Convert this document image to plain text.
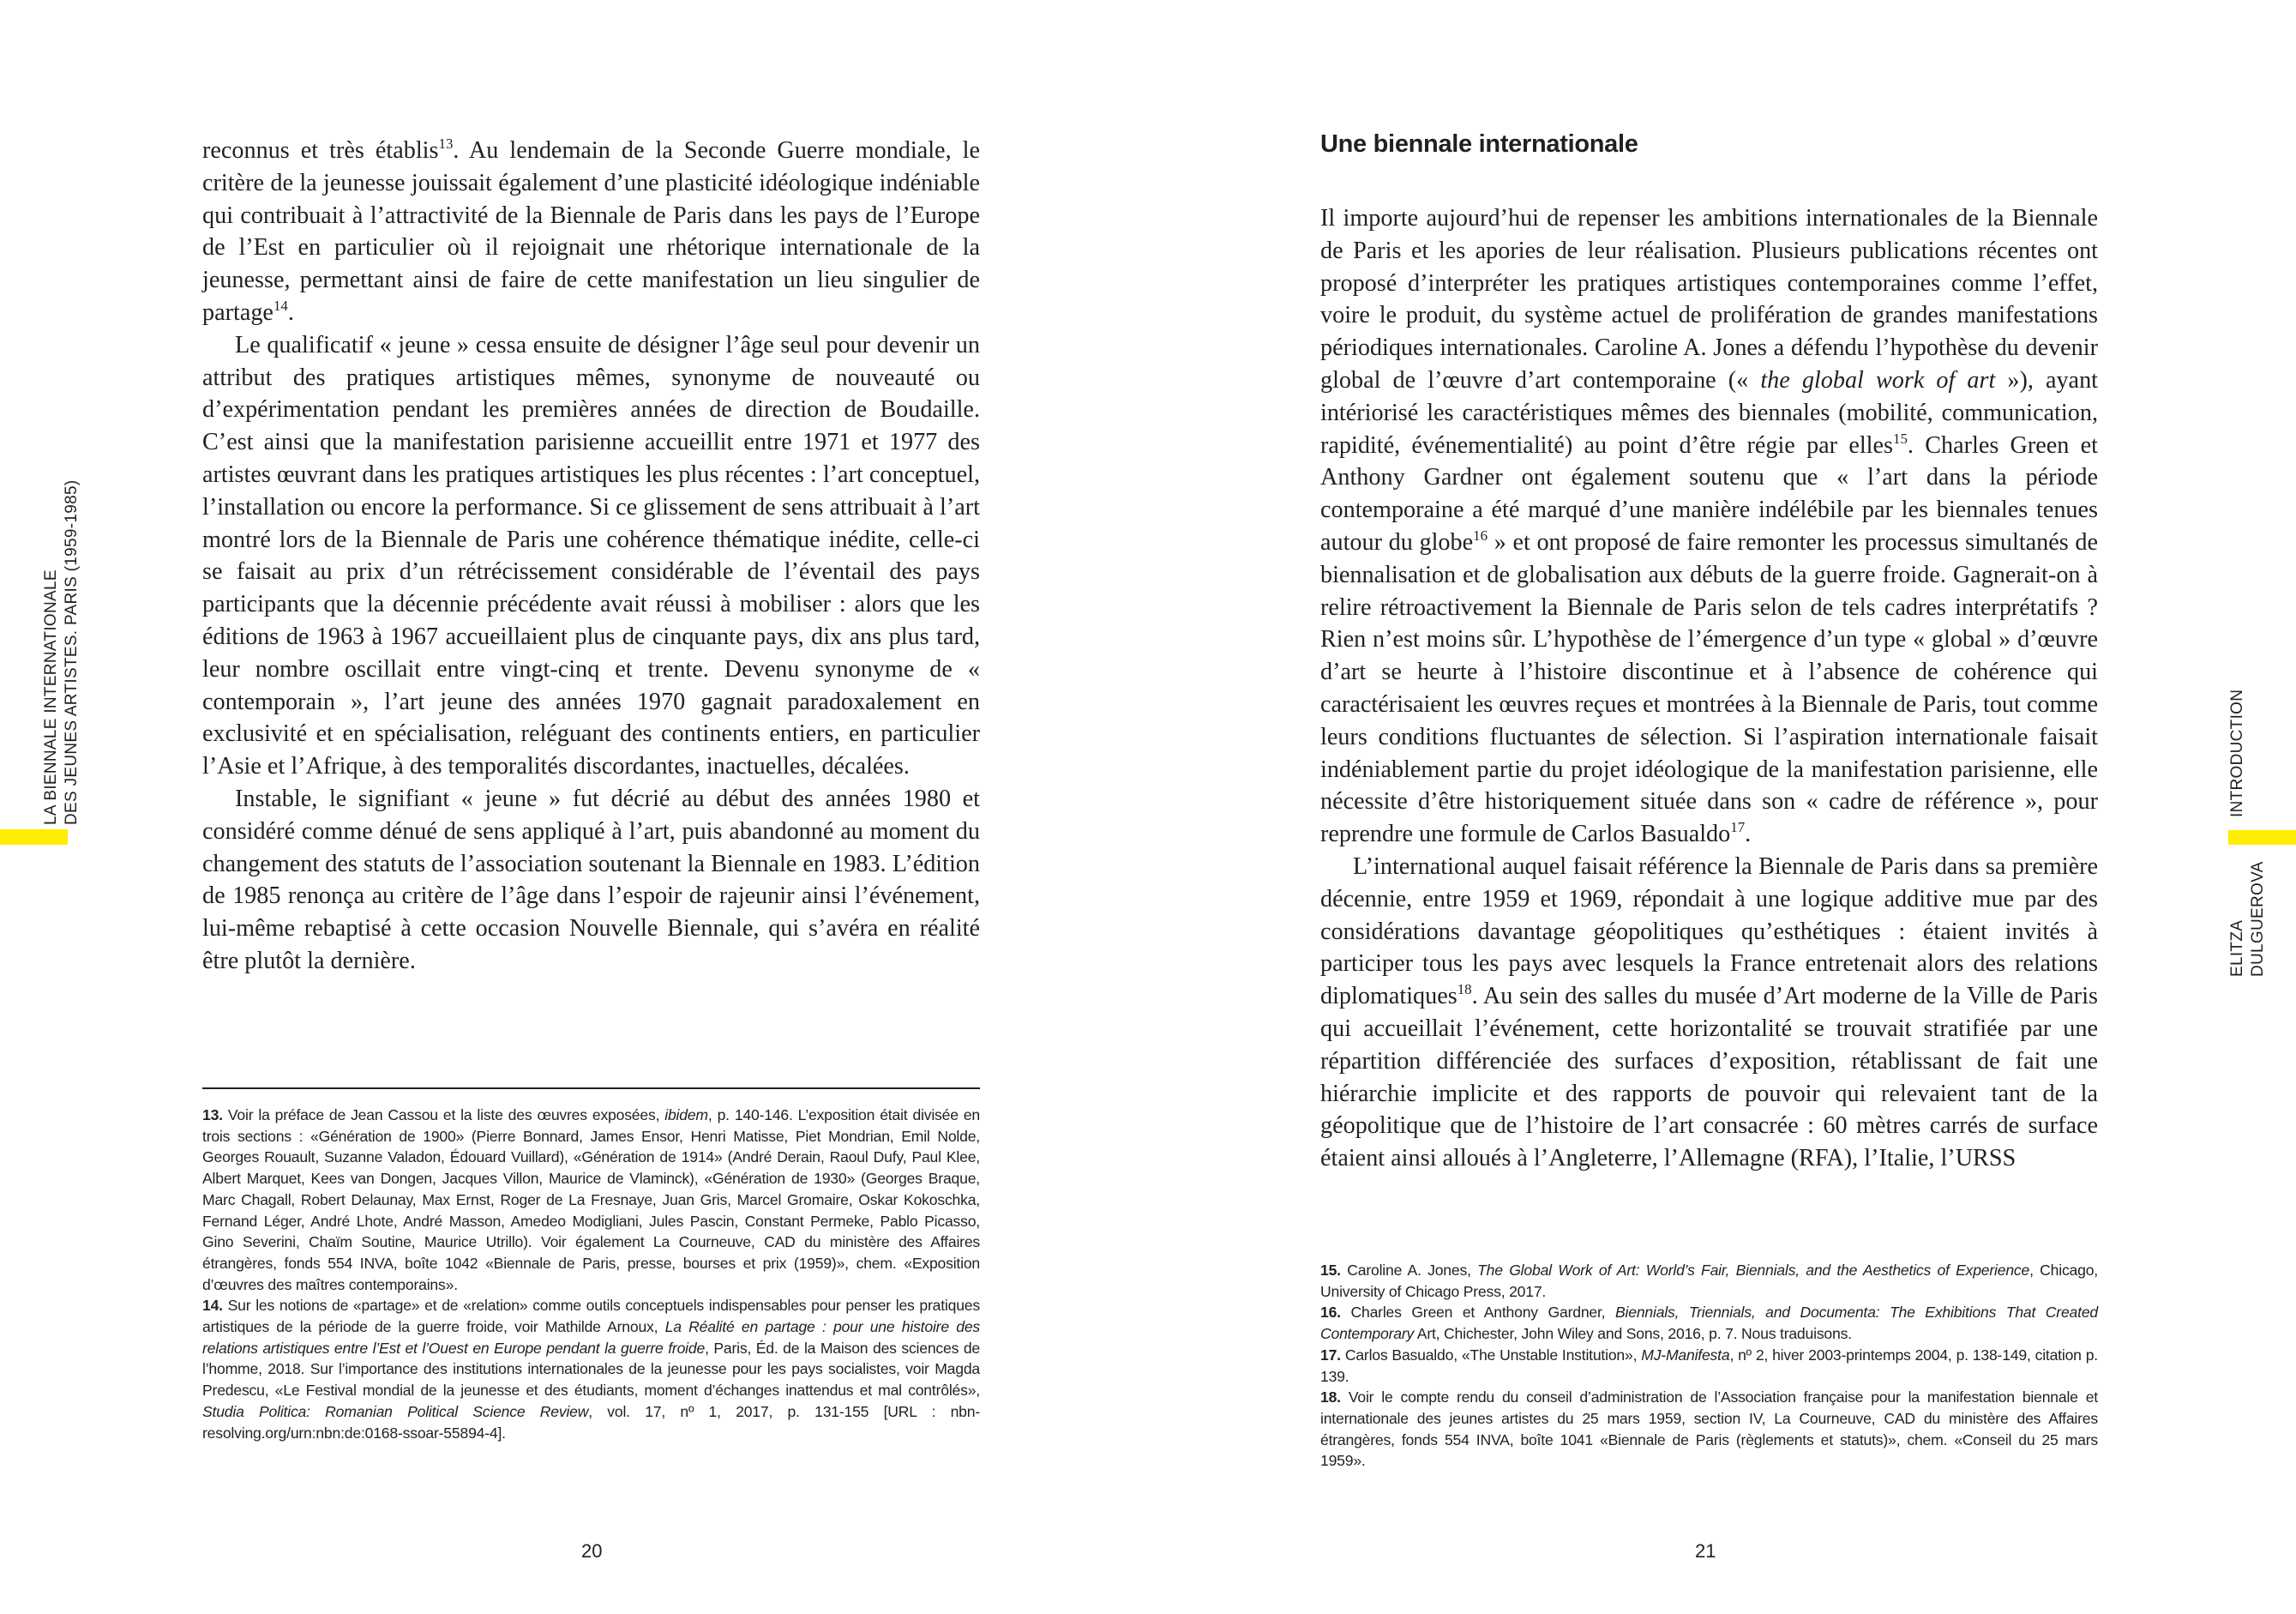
LA BIENNALE INTERNATIONALE DES JEUNES ARTISTES. PARIS (1959-1985)

reconnus et très établis$^{13}$. Au lendemain de la Seconde Guerre mondiale, le critère de la jeunesse jouissait également d’une plasticité idéologique indéniable qui contribuait à l’attractivité de la Biennale de Paris dans les pays de l’Europe de l’Est en particulier où il rejoignait une rhétorique internationale de la jeunesse, permettant ainsi de faire de cette manifestation un lieu singulier de partage$^{14}$.

Le qualificatif « jeune » cessa ensuite de désigner l’âge seul pour devenir un attribut des pratiques artistiques mêmes, synonyme de nouveauté ou d’expérimentation pendant les premières années de direction de Boudaille. C’est ainsi que la manifestation parisienne accueillit entre 1971 et 1977 des artistes œuvrant dans les pratiques artistiques les plus récentes : l’art conceptuel, l’installation ou encore la performance. Si ce glissement de sens attribuait à l’art montré lors de la Biennale de Paris une cohérence thématique inédite, celle-ci se faisait au prix d’un rétrécissement considérable de l’éventail des pays participants que la décennie précédente avait réussi à mobiliser : alors que les éditions de 1963 à 1967 accueillaient plus de cinquante pays, dix ans plus tard, leur nombre oscillait entre vingt-cinq et trente. Devenu synonyme de « contemporain », l’art jeune des années 1970 gagnait paradoxalement en exclusivité et en spécialisation, reléguant des continents entiers, en particulier l’Asie et l’Afrique, à des temporalités discordantes, inactuelles, décalées.

Instable, le signifiant « jeune » fut décrié au début des années 1980 et considéré comme dénué de sens appliqué à l’art, puis abandonné au moment du changement des statuts de l’association soutenant la Biennale en 1983. L’édition de 1985 renonça au critère de l’âge dans l’espoir de rajeunir ainsi l’événement, lui-même rebaptisé à cette occasion Nouvelle Biennale, qui s’avéra en réalité être plutôt la dernière.

13. Voir la préface de Jean Cassou et la liste des œuvres exposées, ibidem, p. 140-146. L’exposition était divisée en trois sections : «Génération de 1900» (Pierre Bonnard, James Ensor, Henri Matisse, Piet Mondrian, Emil Nolde, Georges Rouault, Suzanne Valadon, Édouard Vuillard), «Génération de 1914» (André Derain, Raoul Dufy, Paul Klee, Albert Marquet, Kees van Dongen, Jacques Villon, Maurice de Vlaminck), «Génération de 1930» (Georges Braque, Marc Chagall, Robert Delaunay, Max Ernst, Roger de La Fresnaye, Juan Gris, Marcel Gromaire, Oskar Kokoschka, Fernand Léger, André Lhote, André Masson, Amedeo Modigliani, Jules Pascin, Constant Permeke, Pablo Picasso, Gino Severini, Chaïm Soutine, Maurice Utrillo). Voir également La Courneuve, CAD du ministère des Affaires étrangères, fonds 554 INVA, boîte 1042 «Biennale de Paris, presse, bourses et prix (1959)», chem. «Exposition d’œuvres des maîtres contemporains».

14. Sur les notions de «partage» et de «relation» comme outils conceptuels indispensables pour penser les pratiques artistiques de la période de la guerre froide, voir Mathilde Arnoux, La Réalité en partage : pour une histoire des relations artistiques entre l’Est et l’Ouest en Europe pendant la guerre froide, Paris, Éd. de la Maison des sciences de l’homme, 2018. Sur l’importance des institutions internationales de la jeunesse pour les pays socialistes, voir Magda Predescu, «Le Festival mondial de la jeunesse et des étudiants, moment d’échanges inattendus et mal contrôlés», Studia Politica: Romanian Political Science Review, vol. 17, nº 1, 2017, p. 131-155 [URL : nbn-resolving.org/urn:nbn:de:0168-ssoar-55894-4].

20
Une biennale internationale

Il importe aujourd’hui de repenser les ambitions internationales de la Biennale de Paris et les apories de leur réalisation. Plusieurs publications récentes ont proposé d’interpréter les pratiques artistiques contemporaines comme l’effet, voire le produit, du système actuel de prolifération de grandes manifestations périodiques internationales. Caroline A. Jones a défendu l’hypothèse du devenir global de l’œuvre d’art contemporaine (« the global work of art »), ayant intériorisé les caractéristiques mêmes des biennales (mobilité, communication, rapidité, événementialité) au point d’être régie par elles$^{15}$. Charles Green et Anthony Gardner ont également soutenu que « l’art dans la période contemporaine a été marqué d’une manière indélébile par les biennales tenues autour du globe$^{16}$ » et ont proposé de faire remonter les processus simultanés de biennalisation et de globalisation aux débuts de la guerre froide. Gagnerait-on à relire rétroactivement la Biennale de Paris selon de tels cadres interprétatifs ? Rien n’est moins sûr. L’hypothèse de l’émergence d’un type « global » d’œuvre d’art se heurte à l’histoire discontinue et à l’absence de cohérence qui caractérisaient les œuvres reçues et montrées à la Biennale de Paris, tout comme leurs conditions fluctuantes de sélection. Si l’aspiration internationale faisait indéniablement partie du projet idéologique de la manifestation parisienne, elle nécessite d’être historiquement située dans son « cadre de référence », pour reprendre une formule de Carlos Basualdo$^{17}$.

L’international auquel faisait référence la Biennale de Paris dans sa première décennie, entre 1959 et 1969, répondait à une logique additive mue par des considérations davantage géopolitiques qu’esthétiques : étaient invités à participer tous les pays avec lesquels la France entretenait alors des relations diplomatiques$^{18}$. Au sein des salles du musée d’Art moderne de la Ville de Paris qui accueillait l’événement, cette horizontalité se trouvait stratifiée par une répartition différenciée des surfaces d’exposition, rétablissant de fait une hiérarchie implicite et des rapports de pouvoir qui relevaient tant de la géopolitique que de l’histoire de l’art consacrée : 60 mètres carrés de surface étaient ainsi alloués à l’Angleterre, l’Allemagne (RFA), l’Italie, l’URSS

15. Caroline A. Jones, The Global Work of Art: World’s Fair, Biennials, and the Aesthetics of Experience, Chicago, University of Chicago Press, 2017.

16. Charles Green et Anthony Gardner, Biennials, Triennials, and Documenta: The Exhibitions That Created Contemporary Art, Chichester, John Wiley and Sons, 2016, p. 7. Nous traduisons.

17. Carlos Basualdo, «The Unstable Institution», MJ-Manifesta, nº 2, hiver 2003-printemps 2004, p. 138-149, citation p. 139.

18. Voir le compte rendu du conseil d’administration de l’Association française pour la manifestation biennale et internationale des jeunes artistes du 25 mars 1959, section IV, La Courneuve, CAD du ministère des Affaires étrangères, fonds 554 INVA, boîte 1041 «Biennale de Paris (règlements et statuts)», chem. «Conseil du 25 mars 1959».

21
INTRODUCTION
ELITZA DULGUEROVA
